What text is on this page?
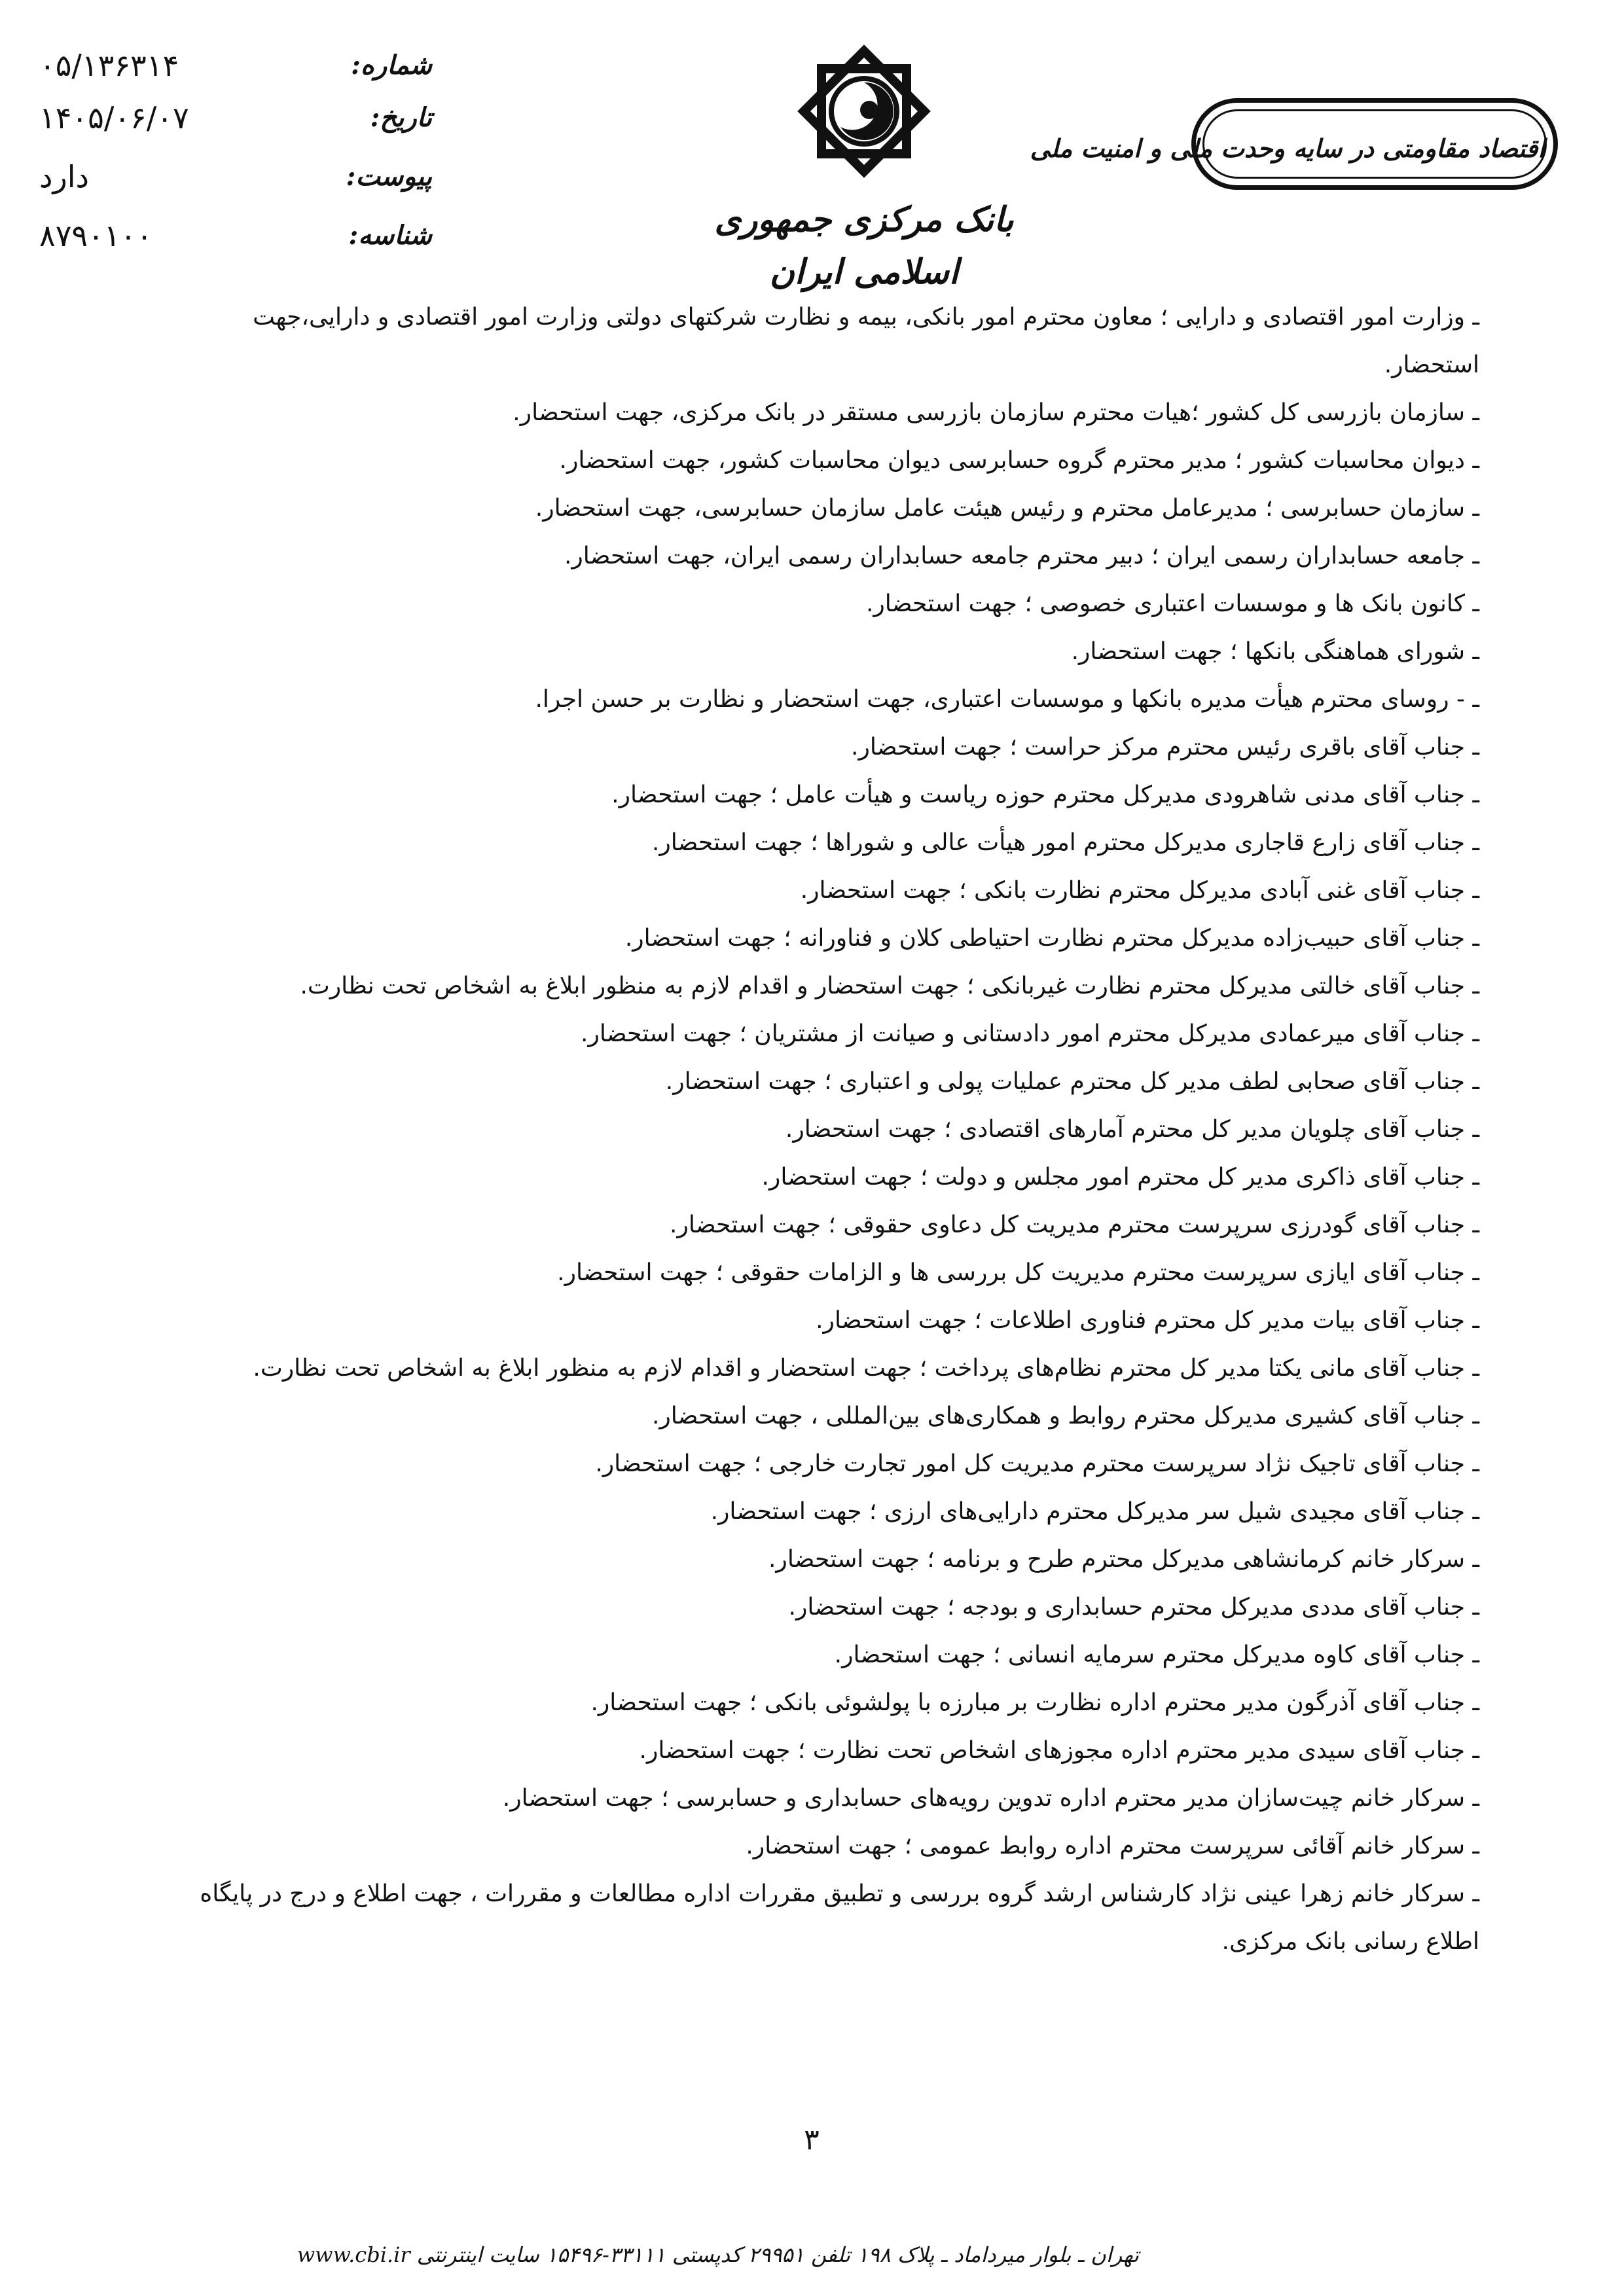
۰۵/۱۳۶۳۱۴	شماره:
۱۴۰۵/۰۶/۰۷	تاریخ:
دارد	پیوست:
۸۷۹۰۱۰۰	شناسه:	بانک مرکزی جمهوری اسلامی ایران
اقتصاد مقاومتی در سایه وحدت ملی و امنیت ملی
ـ وزارت امور اقتصادی و دارایی ؛ معاون محترم امور بانکی، بیمه و نظارت شرکتهای دولتی وزارت امور اقتصادی و دارایی،جهت استحضار.
ـ سازمان بازرسی کل کشور ؛هیات محترم سازمان بازرسی مستقر در بانک مرکزی، جهت استحضار.
ـ دیوان محاسبات کشور ؛ مدیر محترم گروه حسابرسی دیوان محاسبات کشور، جهت استحضار.
ـ سازمان حسابرسی ؛ مدیرعامل محترم و رئیس هیئت عامل سازمان حسابرسی، جهت استحضار.
ـ جامعه حسابداران رسمی ایران ؛ دبیر محترم جامعه حسابداران رسمی ایران، جهت استحضار.
ـ کانون بانک ها و موسسات اعتباری خصوصی ؛ جهت استحضار.
ـ شورای هماهنگی بانکها ؛ جهت استحضار.
ـ - روسای محترم هیأت مدیره بانکها و موسسات اعتباری، جهت استحضار و نظارت بر حسن اجرا.
ـ جناب آقای باقری رئیس محترم مرکز حراست ؛ جهت استحضار.
ـ جناب آقای مدنی شاهرودی مدیرکل محترم حوزه ریاست و هیأت عامل ؛ جهت استحضار.
ـ جناب آقای زارع قاجاری مدیرکل محترم امور هیأت عالی و شوراها ؛ جهت استحضار.
ـ جناب آقای غنی آبادی مدیرکل محترم نظارت بانکی ؛ جهت استحضار.
ـ جناب آقای حبیب‌زاده مدیرکل محترم نظارت احتیاطی کلان و فناورانه ؛ جهت استحضار.
ـ جناب آقای خالتی مدیرکل محترم نظارت غیربانکی ؛ جهت استحضار و اقدام لازم به منظور ابلاغ به اشخاص تحت نظارت.
ـ جناب آقای میرعمادی مدیرکل محترم امور دادستانی و صیانت از مشتریان ؛ جهت استحضار.
ـ جناب آقای صحابی لطف مدیر کل محترم عملیات پولی و اعتباری ؛ جهت استحضار.
ـ جناب آقای چلویان مدیر کل محترم آمارهای اقتصادی ؛ جهت استحضار.
ـ جناب آقای ذاکری مدیر کل محترم امور مجلس و دولت ؛ جهت استحضار.
ـ جناب آقای گودرزی سرپرست محترم مدیریت کل دعاوی حقوقی ؛ جهت استحضار.
ـ جناب آقای ایازی سرپرست محترم مدیریت کل بررسی ها و الزامات حقوقی ؛ جهت استحضار.
ـ جناب آقای بیات مدیر کل محترم فناوری اطلاعات ؛ جهت استحضار.
ـ جناب آقای مانی یکتا مدیر کل محترم نظام‌های پرداخت ؛ جهت استحضار و اقدام لازم به منظور ابلاغ به اشخاص تحت نظارت.
ـ جناب آقای کشیری مدیرکل محترم روابط و همکاری‌های بین‌المللی ، جهت استحضار.
ـ جناب آقای تاجیک نژاد سرپرست محترم مدیریت کل امور تجارت خارجی ؛ جهت استحضار.
ـ جناب آقای مجیدی شیل سر مدیرکل محترم دارایی‌های ارزی ؛ جهت استحضار.
ـ سرکار خانم کرمانشاهی مدیرکل محترم طرح و برنامه ؛ جهت استحضار.
ـ جناب آقای مددی مدیرکل محترم حسابداری و بودجه ؛ جهت استحضار.
ـ جناب آقای کاوه مدیرکل محترم سرمایه انسانی ؛ جهت استحضار.
ـ جناب آقای آذرگون مدیر محترم اداره نظارت بر مبارزه با پولشوئی بانکی ؛ جهت استحضار.
ـ جناب آقای سیدی مدیر محترم اداره مجوزهای اشخاص تحت نظارت ؛ جهت استحضار.
ـ سرکار خانم چیت‌سازان مدیر محترم اداره تدوین رویه‌های حسابداری و حسابرسی ؛ جهت استحضار.
ـ سرکار خانم آقائی سرپرست محترم اداره روابط عمومی ؛ جهت استحضار.
ـ سرکار خانم زهرا عینی نژاد کارشناس ارشد گروه بررسی و تطبیق مقررات اداره مطالعات و مقررات ، جهت اطلاع و درج در پایگاه اطلاع رسانی بانک مرکزی.
۳
تهران ـ بلوار میرداماد ـ پلاک ۱۹۸ تلفن ۲۹۹۵۱ کدپستی ۳۳۱۱۱-۱۵۴۹۶ سایت اینترنتی www.cbi.ir
